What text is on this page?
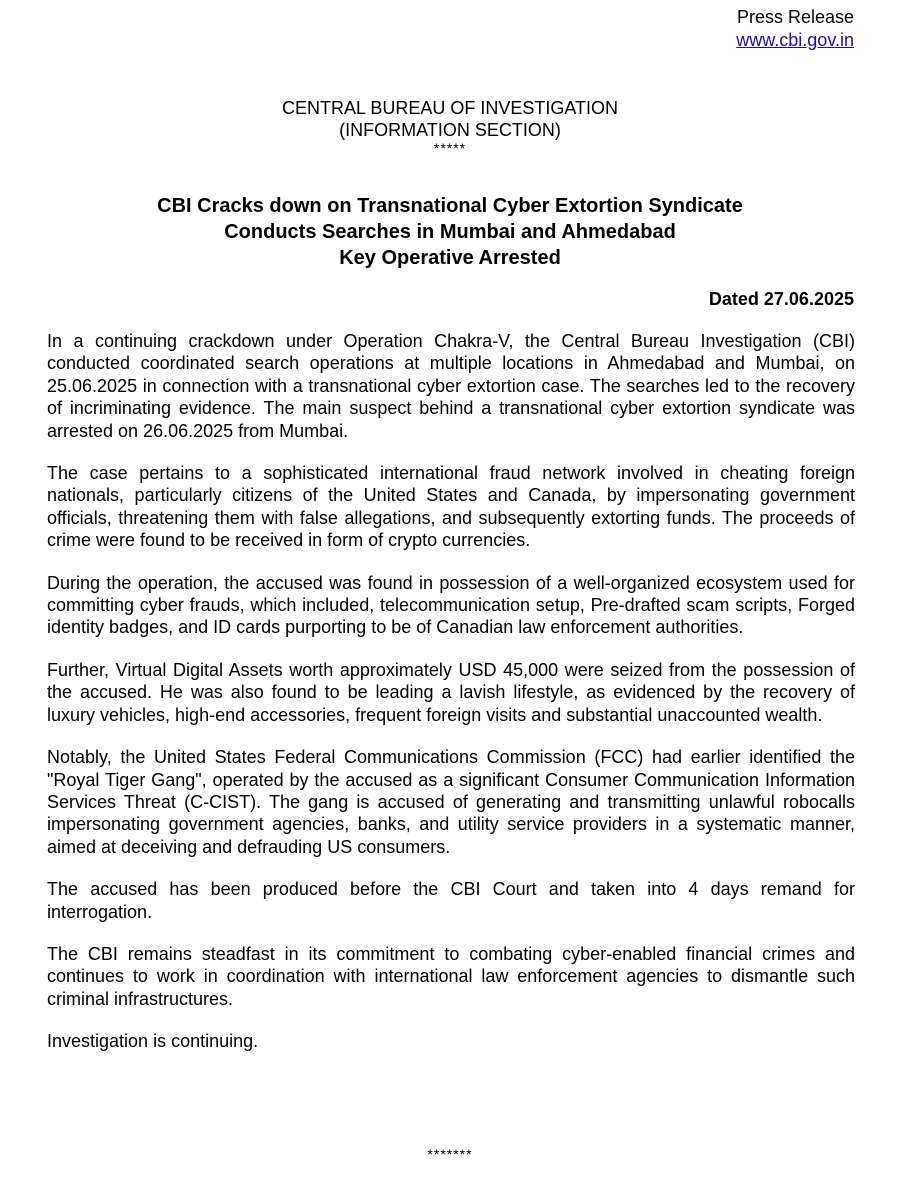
Press Release
www.cbi.gov.in
CENTRAL BUREAU OF INVESTIGATION
(INFORMATION SECTION)
*****
CBI Cracks down on Transnational Cyber Extortion Syndicate
Conducts Searches in Mumbai and Ahmedabad
Key Operative Arrested
Dated 27.06.2025

In a continuing crackdown under Operation Chakra-V, the Central Bureau Investigation (CBI) conducted coordinated search operations at multiple locations in Ahmedabad and Mumbai, on 25.06.2025 in connection with a transnational cyber extortion case. The searches led to the recovery of incriminating evidence. The main suspect behind a transnational cyber extortion syndicate was arrested on 26.06.2025 from Mumbai.

The case pertains to a sophisticated international fraud network involved in cheating foreign nationals, particularly citizens of the United States and Canada, by impersonating government officials, threatening them with false allegations, and subsequently extorting funds. The proceeds of crime were found to be received in form of crypto currencies.

During the operation, the accused was found in possession of a well-organized ecosystem used for committing cyber frauds, which included, telecommunication setup, Pre-drafted scam scripts, Forged identity badges, and ID cards purporting to be of Canadian law enforcement authorities.

Further, Virtual Digital Assets worth approximately USD 45,000 were seized from the possession of the accused. He was also found to be leading a lavish lifestyle, as evidenced by the recovery of luxury vehicles, high-end accessories, frequent foreign visits and substantial unaccounted wealth.

Notably, the United States Federal Communications Commission (FCC) had earlier identified the "Royal Tiger Gang", operated by the accused as a significant Consumer Communication Information Services Threat (C-CIST). The gang is accused of generating and transmitting unlawful robocalls impersonating government agencies, banks, and utility service providers in a systematic manner, aimed at deceiving and defrauding US consumers.

The accused has been produced before the CBI Court and taken into 4 days remand for interrogation.

The CBI remains steadfast in its commitment to combating cyber-enabled financial crimes and continues to work in coordination with international law enforcement agencies to dismantle such criminal infrastructures.

Investigation is continuing.

*******
